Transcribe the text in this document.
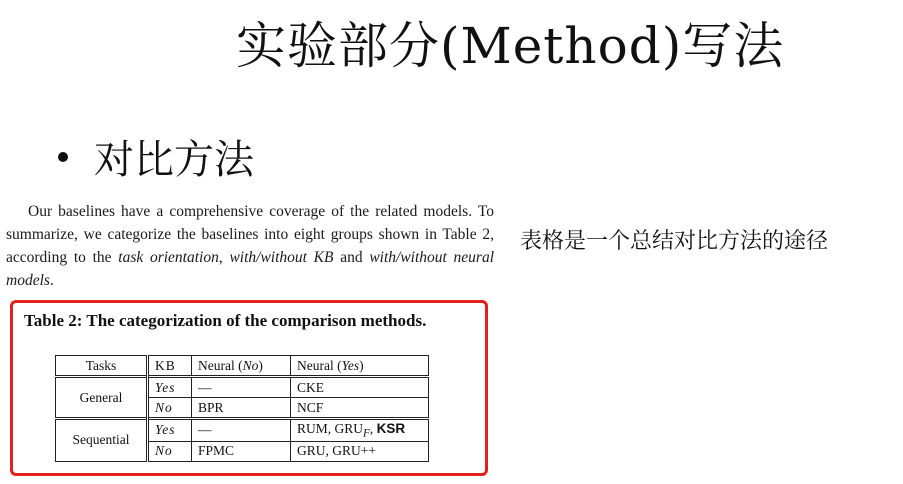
实验部分(Method)写法
对比方法
表格是一个总结对比方法的途径

Our baselines have a comprehensive coverage of the related models. To summarize, we categorize the baselines into eight groups shown in Table 2, according to the task orientation, with/without KB and with/without neural models.

Table 2: The categorization of the comparison methods.
Tasks	KB	Neural (No)	Neural (Yes)
General	Yes	—	CKE
	No	BPR	NCF
Sequential	Yes	—	RUM, $GRU_F$, KSR
	No	FPMC	GRU, GRU++
